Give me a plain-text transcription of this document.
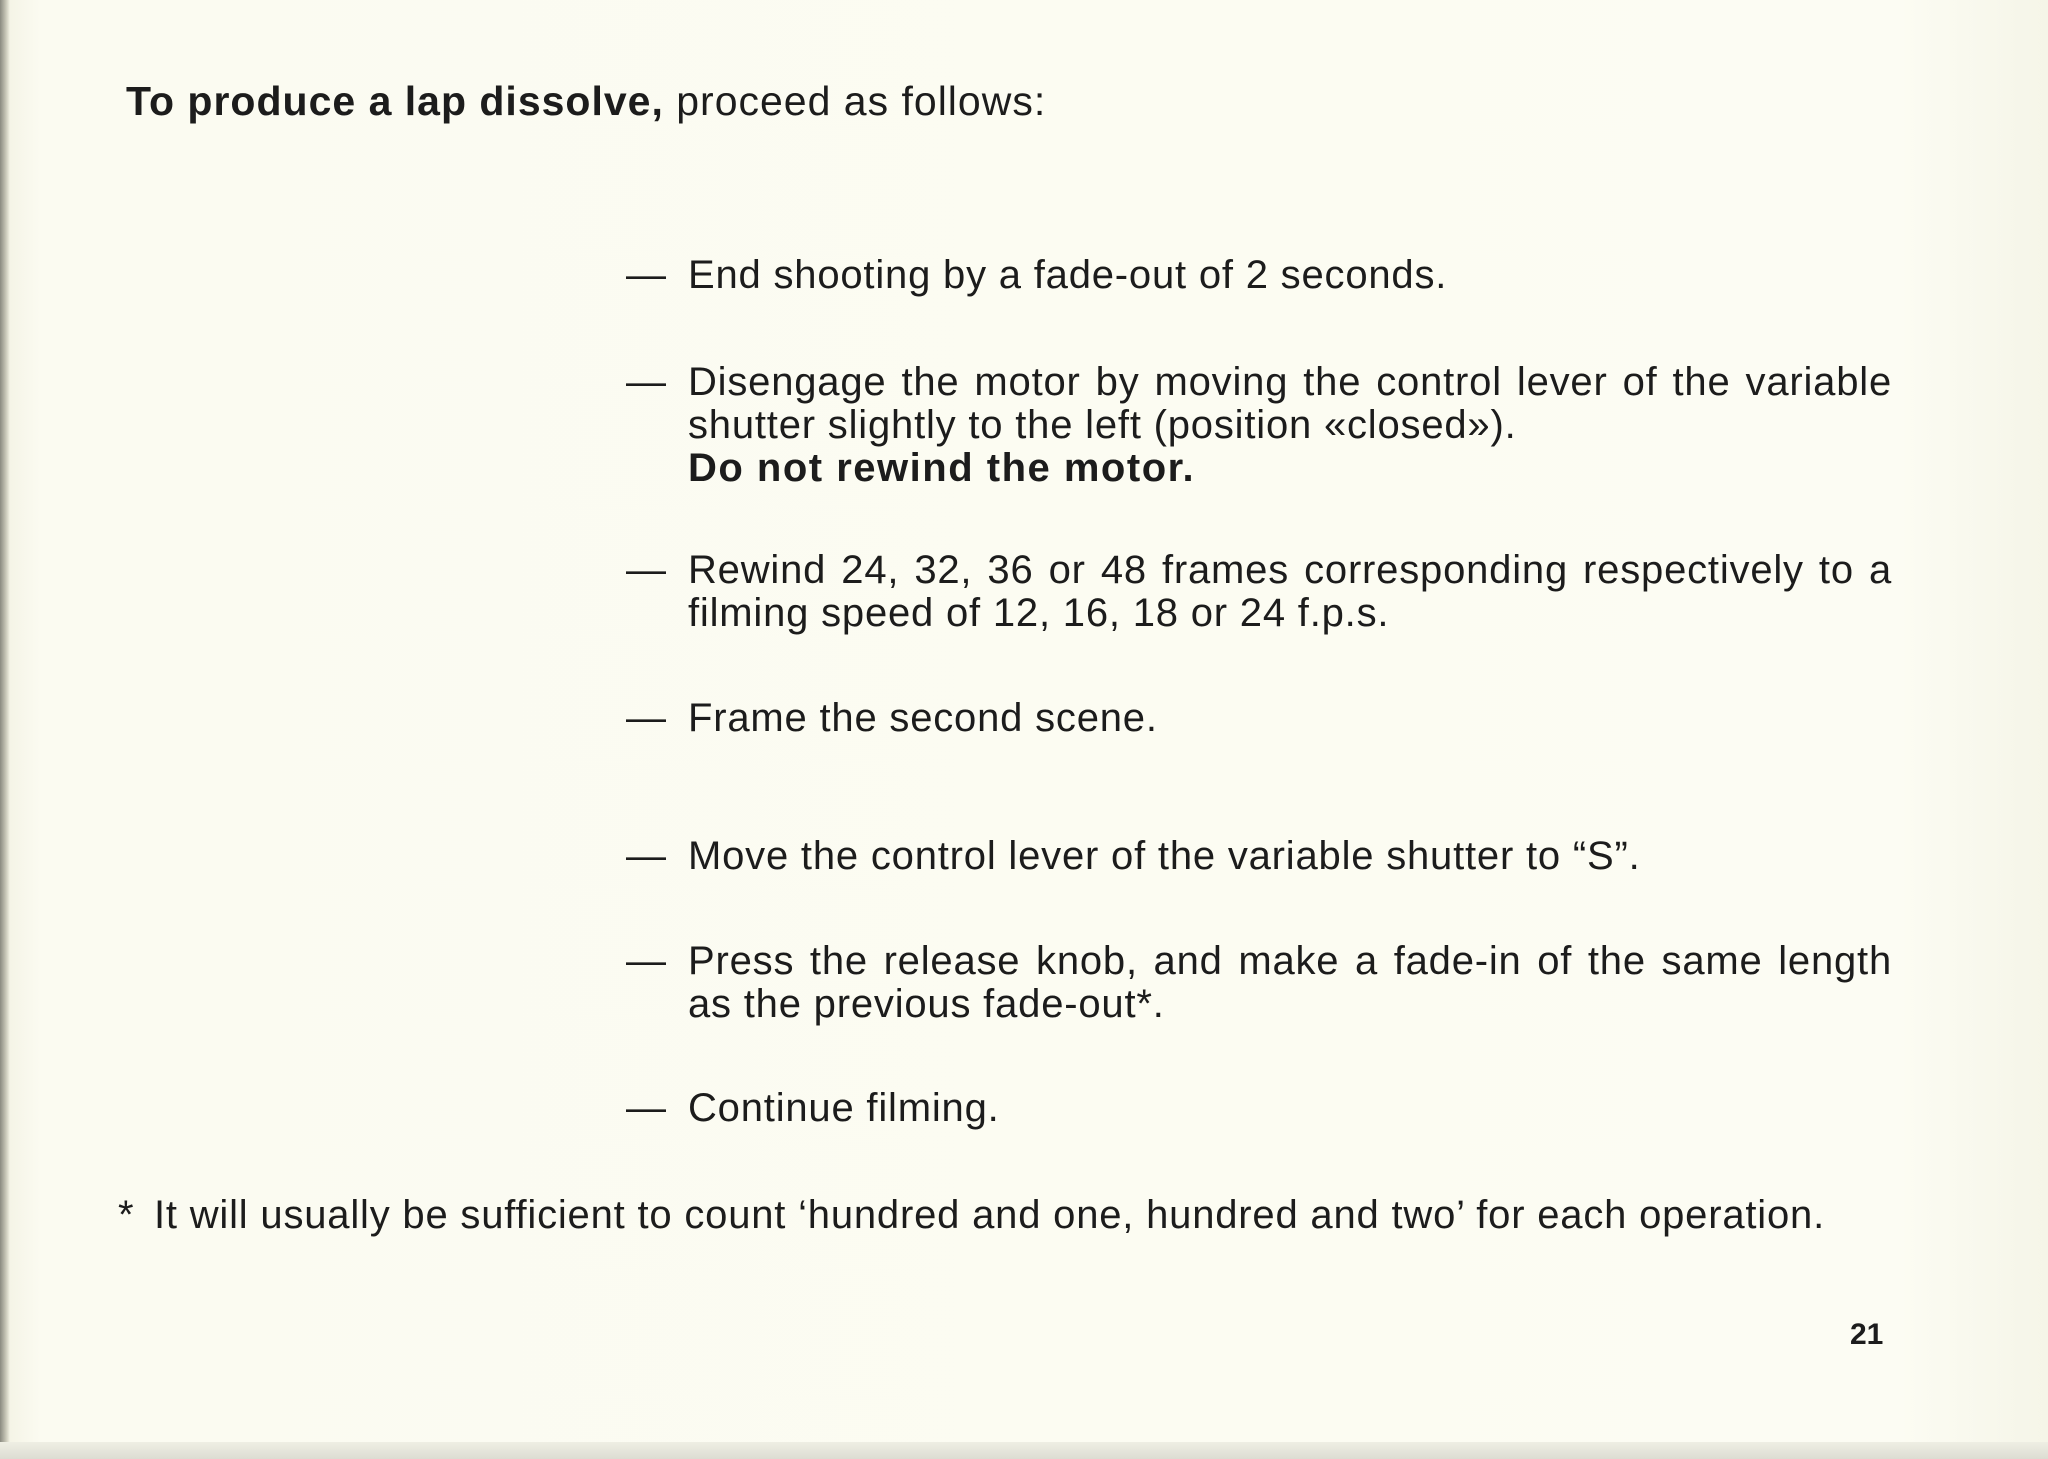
To produce a lap dissolve, proceed as follows:
— End shooting by a fade-out of 2 seconds.
— Disengage the motor by moving the control lever of the variable shutter slightly to the left (position «closed»).
Do not rewind the motor.
— Rewind 24, 32, 36 or 48 frames corresponding respectively to a filming speed of 12, 16, 18 or 24 f.p.s.
— Frame the second scene.
— Move the control lever of the variable shutter to “S”.
— Press the release knob, and make a fade-in of the same length as the previous fade-out*.
— Continue filming.
* It will usually be sufficient to count ‘hundred and one, hundred and two’ for each operation.
21
